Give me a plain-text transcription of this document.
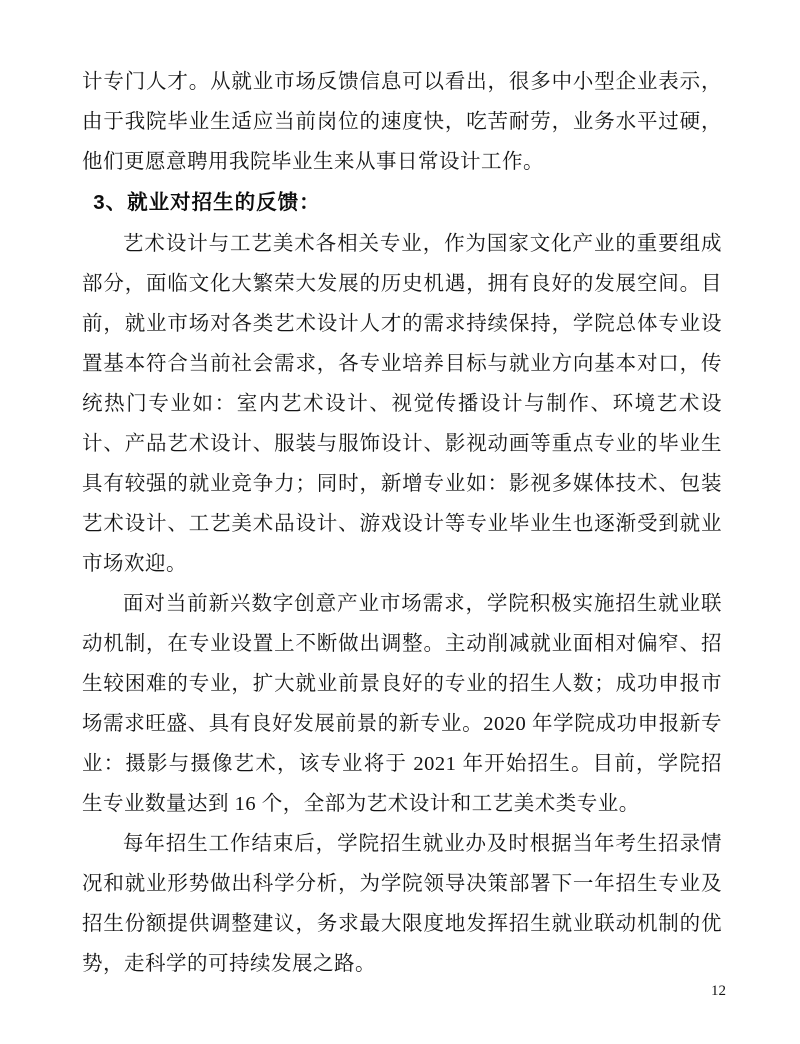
计专门人才。从就业市场反馈信息可以看出，很多中小型企业表示，由于我院毕业生适应当前岗位的速度快，吃苦耐劳，业务水平过硬，他们更愿意聘用我院毕业生来从事日常设计工作。

3、就业对招生的反馈：

艺术设计与工艺美术各相关专业，作为国家文化产业的重要组成部分，面临文化大繁荣大发展的历史机遇，拥有良好的发展空间。目前，就业市场对各类艺术设计人才的需求持续保持，学院总体专业设置基本符合当前社会需求，各专业培养目标与就业方向基本对口，传统热门专业如：室内艺术设计、视觉传播设计与制作、环境艺术设计、产品艺术设计、服装与服饰设计、影视动画等重点专业的毕业生具有较强的就业竞争力；同时，新增专业如：影视多媒体技术、包装艺术设计、工艺美术品设计、游戏设计等专业毕业生也逐渐受到就业市场欢迎。

面对当前新兴数字创意产业市场需求，学院积极实施招生就业联动机制，在专业设置上不断做出调整。主动削减就业面相对偏窄、招生较困难的专业，扩大就业前景良好的专业的招生人数；成功申报市场需求旺盛、具有良好发展前景的新专业。2020 年学院成功申报新专业：摄影与摄像艺术，该专业将于 2021 年开始招生。目前，学院招生专业数量达到 16 个，全部为艺术设计和工艺美术类专业。

每年招生工作结束后，学院招生就业办及时根据当年考生招录情况和就业形势做出科学分析，为学院领导决策部署下一年招生专业及招生份额提供调整建议，务求最大限度地发挥招生就业联动机制的优势，走科学的可持续发展之路。

12
